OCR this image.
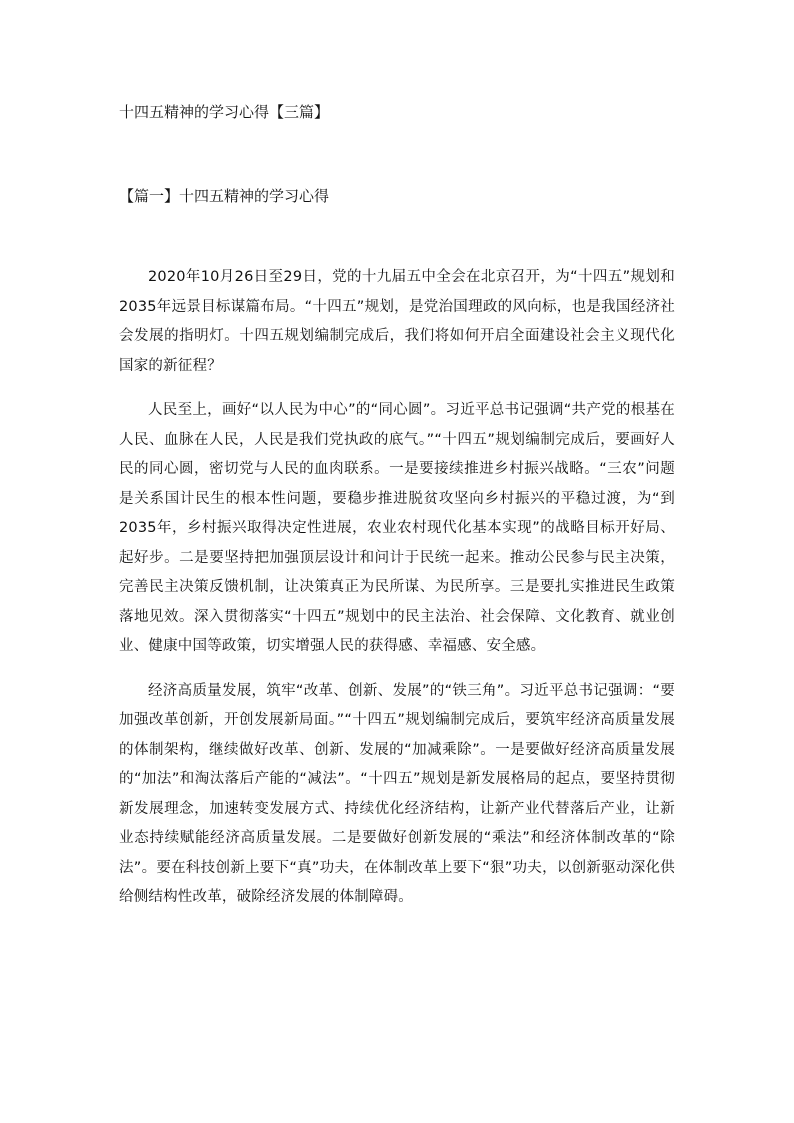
十四五精神的学习心得【三篇】
【篇一】十四五精神的学习心得

2020年10月26日至29日，党的十九届五中全会在北京召开，为“十四五”规划和2035年远景目标谋篇布局。“十四五”规划，是党治国理政的风向标，也是我国经济社会发展的指明灯。十四五规划编制完成后，我们将如何开启全面建设社会主义现代化国家的新征程？

人民至上，画好“以人民为中心”的“同心圆”。习近平总书记强调“共产党的根基在人民、血脉在人民，人民是我们党执政的底气。”“十四五”规划编制完成后，要画好人民的同心圆，密切党与人民的血肉联系。一是要接续推进乡村振兴战略。“三农”问题是关系国计民生的根本性问题，要稳步推进脱贫攻坚向乡村振兴的平稳过渡，为“到2035年，乡村振兴取得决定性进展，农业农村现代化基本实现”的战略目标开好局、起好步。二是要坚持把加强顶层设计和问计于民统一起来。推动公民参与民主决策，完善民主决策反馈机制，让决策真正为民所谋、为民所享。三是要扎实推进民生政策落地见效。深入贯彻落实“十四五”规划中的民主法治、社会保障、文化教育、就业创业、健康中国等政策，切实增强人民的获得感、幸福感、安全感。

经济高质量发展，筑牢“改革、创新、发展”的“铁三角”。习近平总书记强调：“要加强改革创新，开创发展新局面。”“十四五”规划编制完成后，要筑牢经济高质量发展的体制架构，继续做好改革、创新、发展的“加减乘除”。一是要做好经济高质量发展的“加法”和淘汰落后产能的“减法”。“十四五”规划是新发展格局的起点，要坚持贯彻新发展理念，加速转变发展方式、持续优化经济结构，让新产业代替落后产业，让新业态持续赋能经济高质量发展。二是要做好创新发展的“乘法”和经济体制改革的“除法”。要在科技创新上要下“真”功夫，在体制改革上要下“狠”功夫，以创新驱动深化供给侧结构性改革，破除经济发展的体制障碍。
